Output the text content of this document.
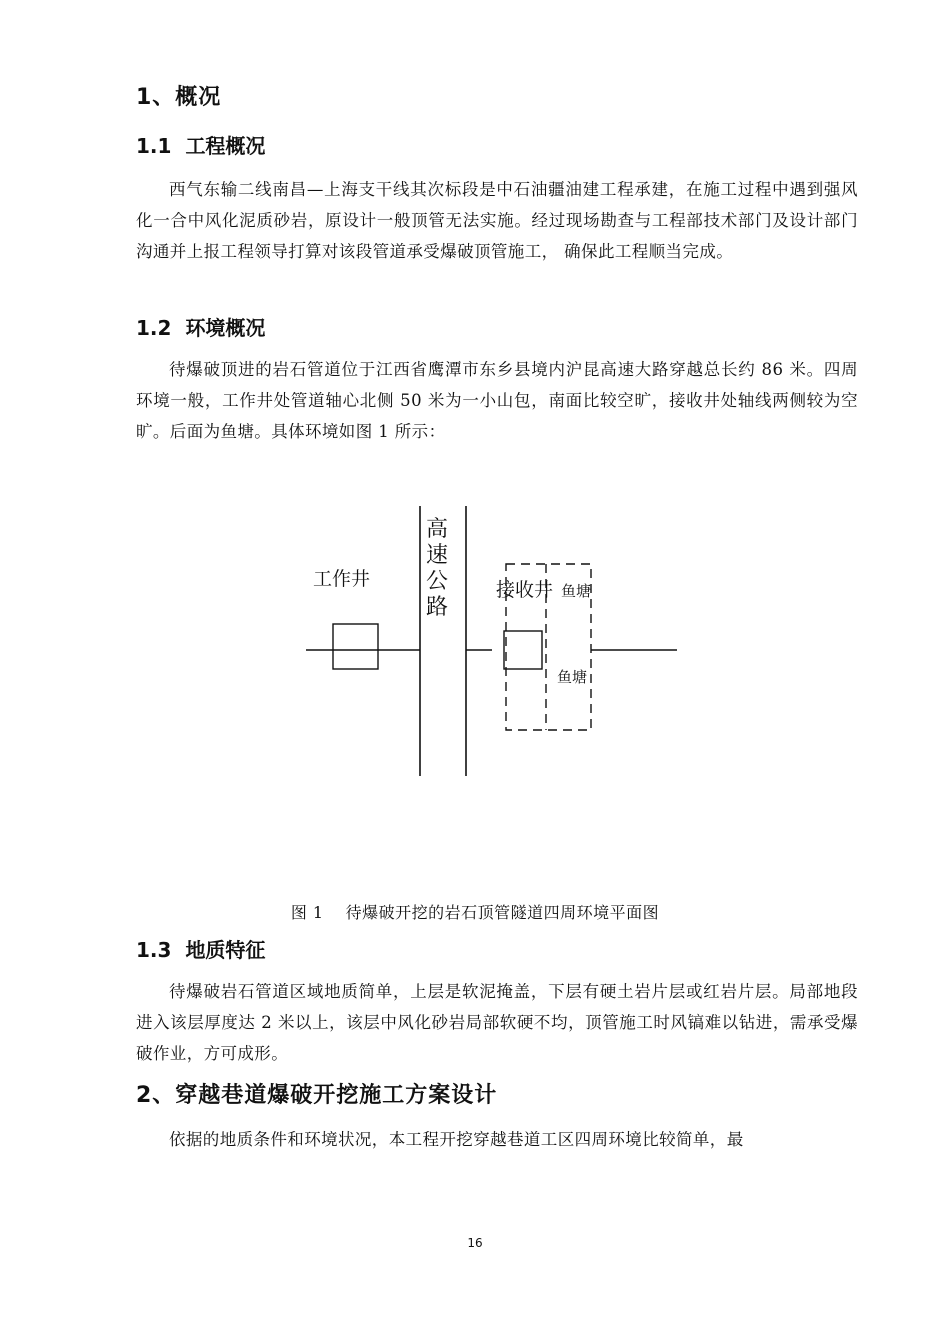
1、概况
1.1 工程概况
西气东输二线南昌—上海支干线其次标段是中石油疆油建工程承建，在施工过程中遇到强风化一合中风化泥质砂岩，原设计一般顶管无法实施。经过现场勘查与工程部技术部门及设计部门沟通并上报工程领导打算对该段管道承受爆破顶管施工， 确保此工程顺当完成。
1.2 环境概况
待爆破顶进的岩石管道位于江西省鹰潭市东乡县境内沪昆高速大路穿越总长约 86 米。四周环境一般，工作井处管道轴心北侧 50 米为一小山包，南面比较空旷，接收井处轴线两侧较为空旷。后面为鱼塘。具体环境如图 1 所示：
工作井
高
速
公
路
接收井 鱼塘
鱼塘
图 1 待爆破开挖的岩石顶管隧道四周环境平面图
1.3 地质特征
待爆破岩石管道区域地质简单，上层是软泥掩盖，下层有硬土岩片层或红岩片层。局部地段进入该层厚度达 2 米以上，该层中风化砂岩局部软硬不均，顶管施工时风镐难以钻进，需承受爆破作业，方可成形。
2、穿越巷道爆破开挖施工方案设计
依据的地质条件和环境状况，本工程开挖穿越巷道工区四周环境比较简单，最
16
